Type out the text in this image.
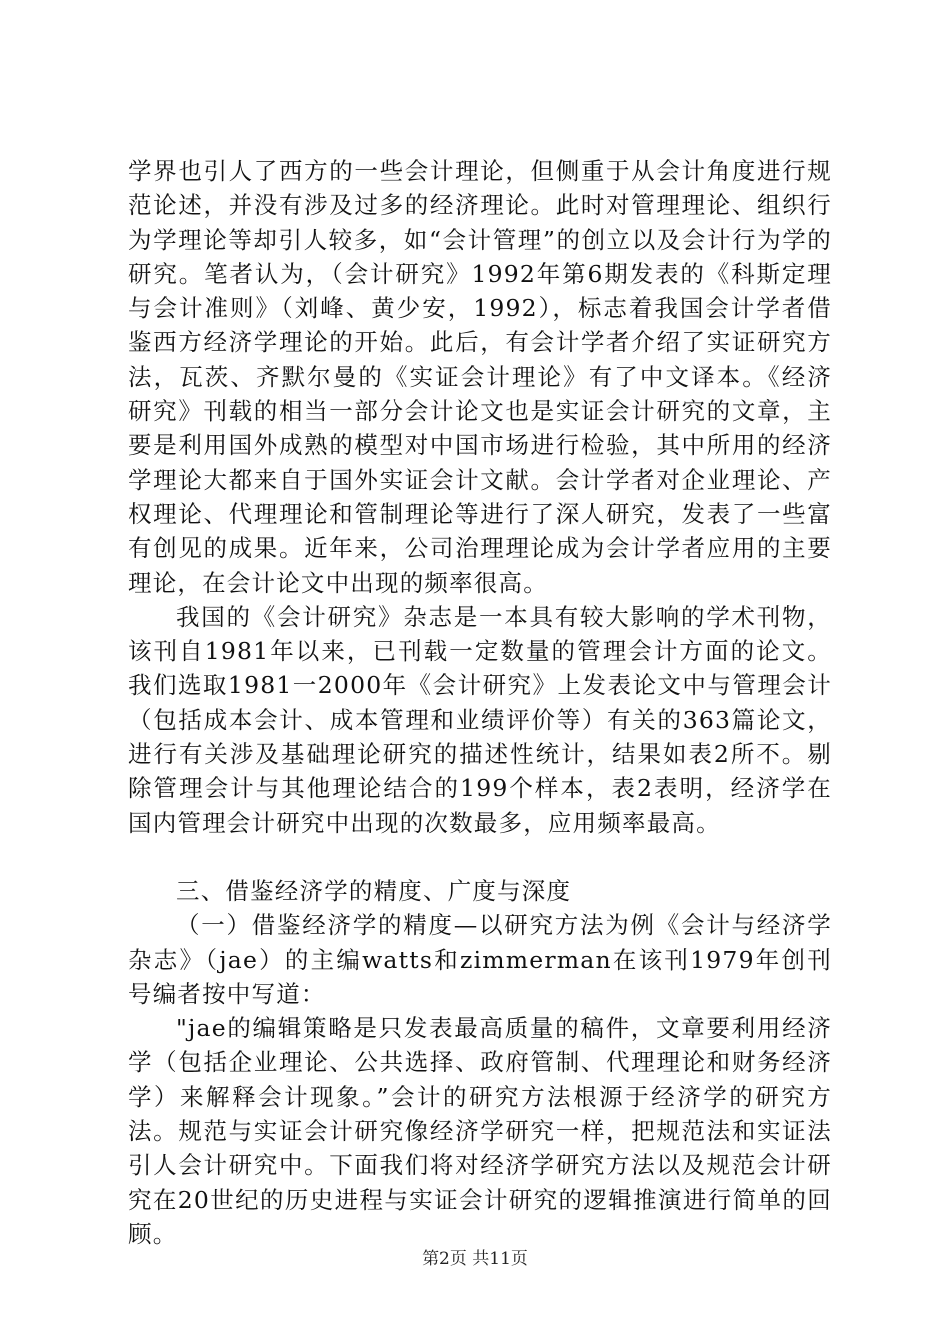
学界也引人了西方的一些会计理论，但侧重于从会计角度进行规范论述，并没有涉及过多的经济理论。此时对管理理论、组织行为学理论等却引人较多，如“会计管理”的创立以及会计行为学的研究。笔者认为，（会计研究》1992年第6期发表的《科斯定理与会计准则》（刘峰、黄少安，1992），标志着我国会计学者借鉴西方经济学理论的开始。此后，有会计学者介绍了实证研究方法，瓦茨、齐默尔曼的《实证会计理论》有了中文译本。《经济研究》刊载的相当一部分会计论文也是实证会计研究的文章，主要是利用国外成熟的模型对中国市场进行检验，其中所用的经济学理论大都来自于国外实证会计文献。会计学者对企业理论、产权理论、代理理论和管制理论等进行了深人研究，发表了一些富有创见的成果。近年来，公司治理理论成为会计学者应用的主要理论，在会计论文中出现的频率很高。

我国的《会计研究》杂志是一本具有较大影响的学术刊物，该刊自1981年以来，已刊载一定数量的管理会计方面的论文。我们选取1981一2000年《会计研究》上发表论文中与管理会计（包括成本会计、成本管理和业绩评价等）有关的363篇论文，进行有关涉及基础理论研究的描述性统计，结果如表2所不。剔除管理会计与其他理论结合的199个样本，表2表明，经济学在国内管理会计研究中出现的次数最多，应用频率最高。

三、借鉴经济学的精度、广度与深度

（一）借鉴经济学的精度—以研究方法为例《会计与经济学杂志》（jae）的主编watts和zimmerman在该刊1979年创刊号编者按中写道：

"jae的编辑策略是只发表最高质量的稿件，文章要利用经济学（包括企业理论、公共选择、政府管制、代理理论和财务经济学）来解释会计现象。”会计的研究方法根源于经济学的研究方法。规范与实证会计研究像经济学研究一样，把规范法和实证法引人会计研究中。下面我们将对经济学研究方法以及规范会计研究在20世纪的历史进程与实证会计研究的逻辑推演进行简单的回顾。

第2页 共11页
